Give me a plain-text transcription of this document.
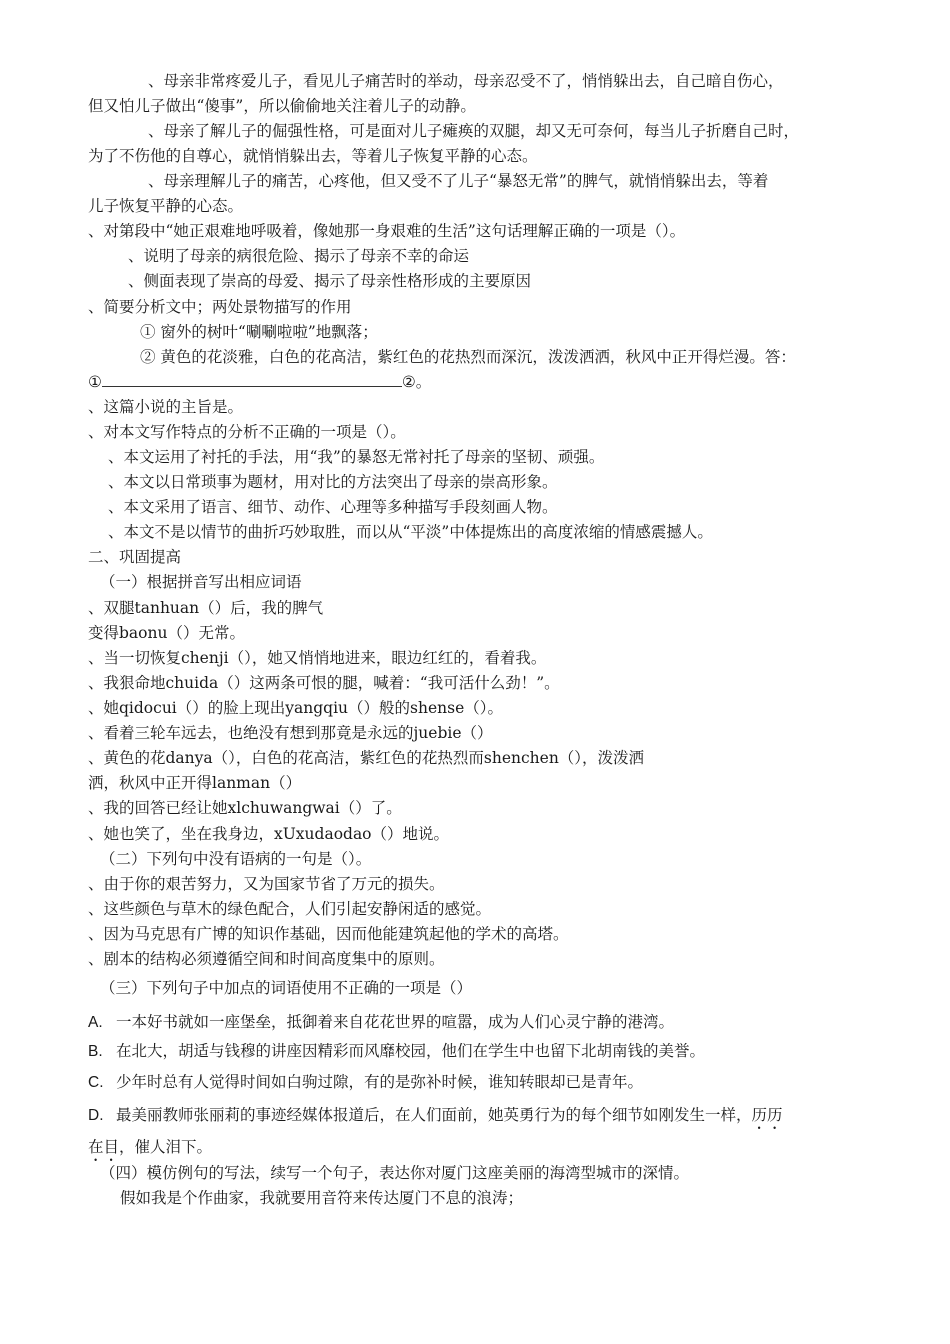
、母亲非常疼爱儿子，看见儿子痛苦时的举动，母亲忍受不了，悄悄躲出去，自己暗自伤心，
但又怕儿子做出“傻事”，所以偷偷地关注着儿子的动静。
、母亲了解儿子的倔强性格，可是面对儿子瘫痪的双腿，却又无可奈何，每当儿子折磨自己时，
为了不伤他的自尊心，就悄悄躲出去，等着儿子恢复平静的心态。
、母亲理解儿子的痛苦，心疼他，但又受不了儿子“暴怒无常”的脾气，就悄悄躲出去，等着
儿子恢复平静的心态。
、对第段中“她正艰难地呼吸着，像她那一身艰难的生活”这句话理解正确的一项是（）。
、说明了母亲的病很危险、揭示了母亲不幸的命运
、侧面表现了崇高的母爱、揭示了母亲性格形成的主要原因
、简要分析文中；两处景物描写的作用
① 窗外的树叶“唰唰啦啦”地飘落；
② 黄色的花淡雅，白色的花高洁，紫红色的花热烈而深沉，泼泼洒洒，秋风中正开得烂漫。答：
①	②。
、这篇小说的主旨是。
、对本文写作特点的分析不正确的一项是（）。
、本文运用了衬托的手法，用“我”的暴怒无常衬托了母亲的坚韧、顽强。
、本文以日常琐事为题材，用对比的方法突出了母亲的崇高形象。
、本文采用了语言、细节、动作、心理等多种描写手段刻画人物。
、本文不是以情节的曲折巧妙取胜，而以从“平淡”中体提炼出的高度浓缩的情感震撼人。
二、巩固提高
（一）根据拼音写出相应词语
、双腿tanhuan（）后，我的脾气
变得baonu（）无常。
、当一切恢复chenji（），她又悄悄地进来，眼边红红的，看着我。
、我狠命地chuida（）这两条可恨的腿，喊着：“我可活什么劲！”。
、她qidocui（）的脸上现出yangqiu（）般的shense（）。
、看着三轮车远去，也绝没有想到那竟是永远的juebie（）
、黄色的花danya（），白色的花高洁，紫红色的花热烈而shenchen（），泼泼洒
洒，秋风中正开得lanman（）
、我的回答已经让她xlchuwangwai（）了。
、她也笑了，坐在我身边，xUxudaodao（）地说。
（二）下列句中没有语病的一句是（）。
、由于你的艰苦努力，又为国家节省了万元的损失。
、这些颜色与草木的绿色配合，人们引起安静闲适的感觉。
、因为马克思有广博的知识作基础，因而他能建筑起他的学术的高塔。
、剧本的结构必须遵循空间和时间高度集中的原则。
（三）下列句子中加点的词语使用不正确的一项是（）
A. 一本好书就如一座堡垒，抵御着来自花花世界的喧嚣，成为人们心灵宁静的港湾。
B. 在北大，胡适与钱穆的讲座因精彩而风靡校园，他们在学生中也留下北胡南钱的美誉。
C. 少年时总有人觉得时间如白驹过隙，有的是弥补时候，谁知转眼却已是青年。
D. 最美丽教师张丽莉的事迹经媒体报道后，在人们面前，她英勇行为的每个细节如刚发生一样，历历
在目，催人泪下。
（四）模仿例句的写法，续写一个句子，表达你对厦门这座美丽的海湾型城市的深情。
假如我是个作曲家，我就要用音符来传达厦门不息的浪涛；
